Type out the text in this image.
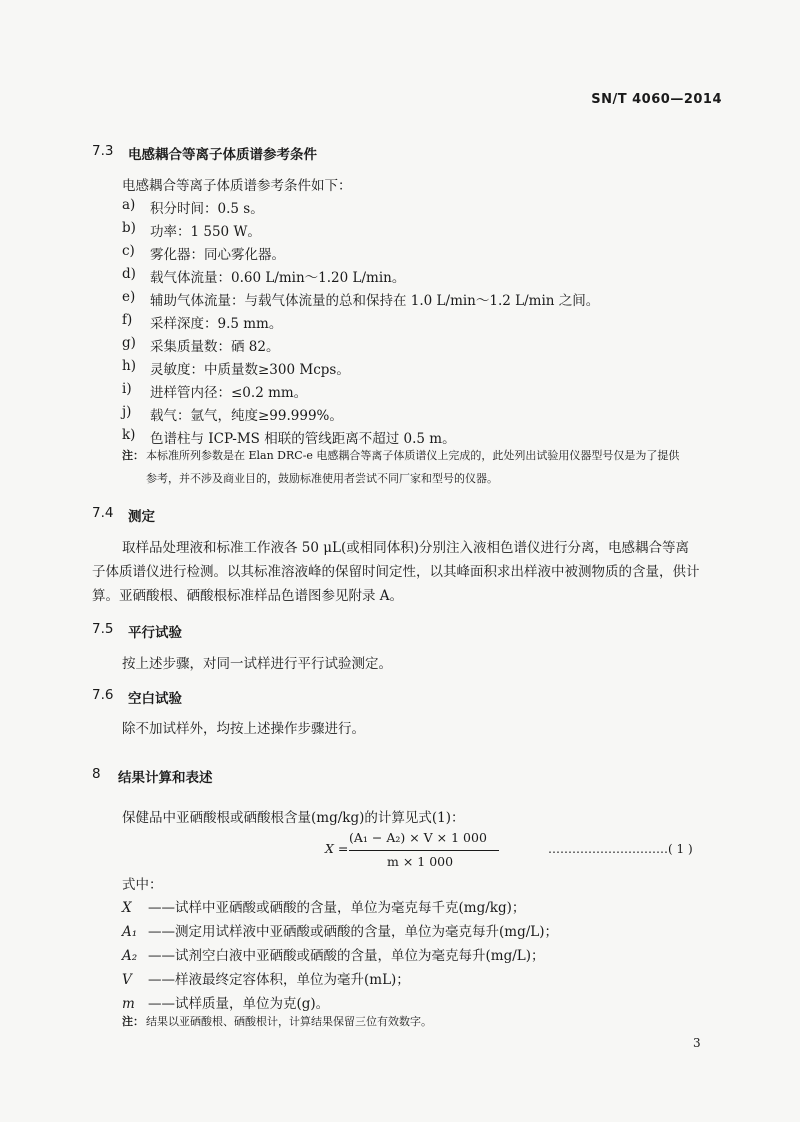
SN/T 4060—2014
7.3 电感耦合等离子体质谱参考条件
电感耦合等离子体质谱参考条件如下：
a) 积分时间：0.5 s。
b) 功率：1 550 W。
c) 雾化器：同心雾化器。
d) 载气体流量：0.60 L/min～1.20 L/min。
e) 辅助气体流量：与载气体流量的总和保持在 1.0 L/min～1.2 L/min 之间。
f) 采样深度：9.5 mm。
g) 采集质量数：硒 82。
h) 灵敏度：中质量数≥300 Mcps。
i) 进样管内径：≤0.2 mm。
j) 载气：氩气，纯度≥99.999%。
k) 色谱柱与 ICP-MS 相联的管线距离不超过 0.5 m。
注： 本标准所列参数是在 Elan DRC-e 电感耦合等离子体质谱仪上完成的，此处列出试验用仪器型号仅是为了提供
参考，并不涉及商业目的，鼓励标准使用者尝试不同厂家和型号的仪器。
7.4 测定
取样品处理液和标准工作液各 50 μL(或相同体积)分别注入液相色谱仪进行分离，电感耦合等离
子体质谱仪进行检测。以其标准溶液峰的保留时间定性，以其峰面积求出样液中被测物质的含量，供计
算。亚硒酸根、硒酸根标准样品色谱图参见附录 A。
7.5 平行试验
按上述步骤，对同一试样进行平行试验测定。
7.6 空白试验
除不加试样外，均按上述操作步骤进行。
8 结果计算和表述
保健品中亚硒酸根或硒酸根含量(mg/kg)的计算见式(1)：
X =
(A₁ − A₂) × V × 1 000
m × 1 000
…………………………( 1 )
式中：
X ——试样中亚硒酸或硒酸的含量，单位为毫克每千克(mg/kg)；
A₁ ——测定用试样液中亚硒酸或硒酸的含量，单位为毫克每升(mg/L)；
A₂ ——试剂空白液中亚硒酸或硒酸的含量，单位为毫克每升(mg/L)；
V ——样液最终定容体积，单位为毫升(mL)；
m ——试样质量，单位为克(g)。
注： 结果以亚硒酸根、硒酸根计，计算结果保留三位有效数字。
3
